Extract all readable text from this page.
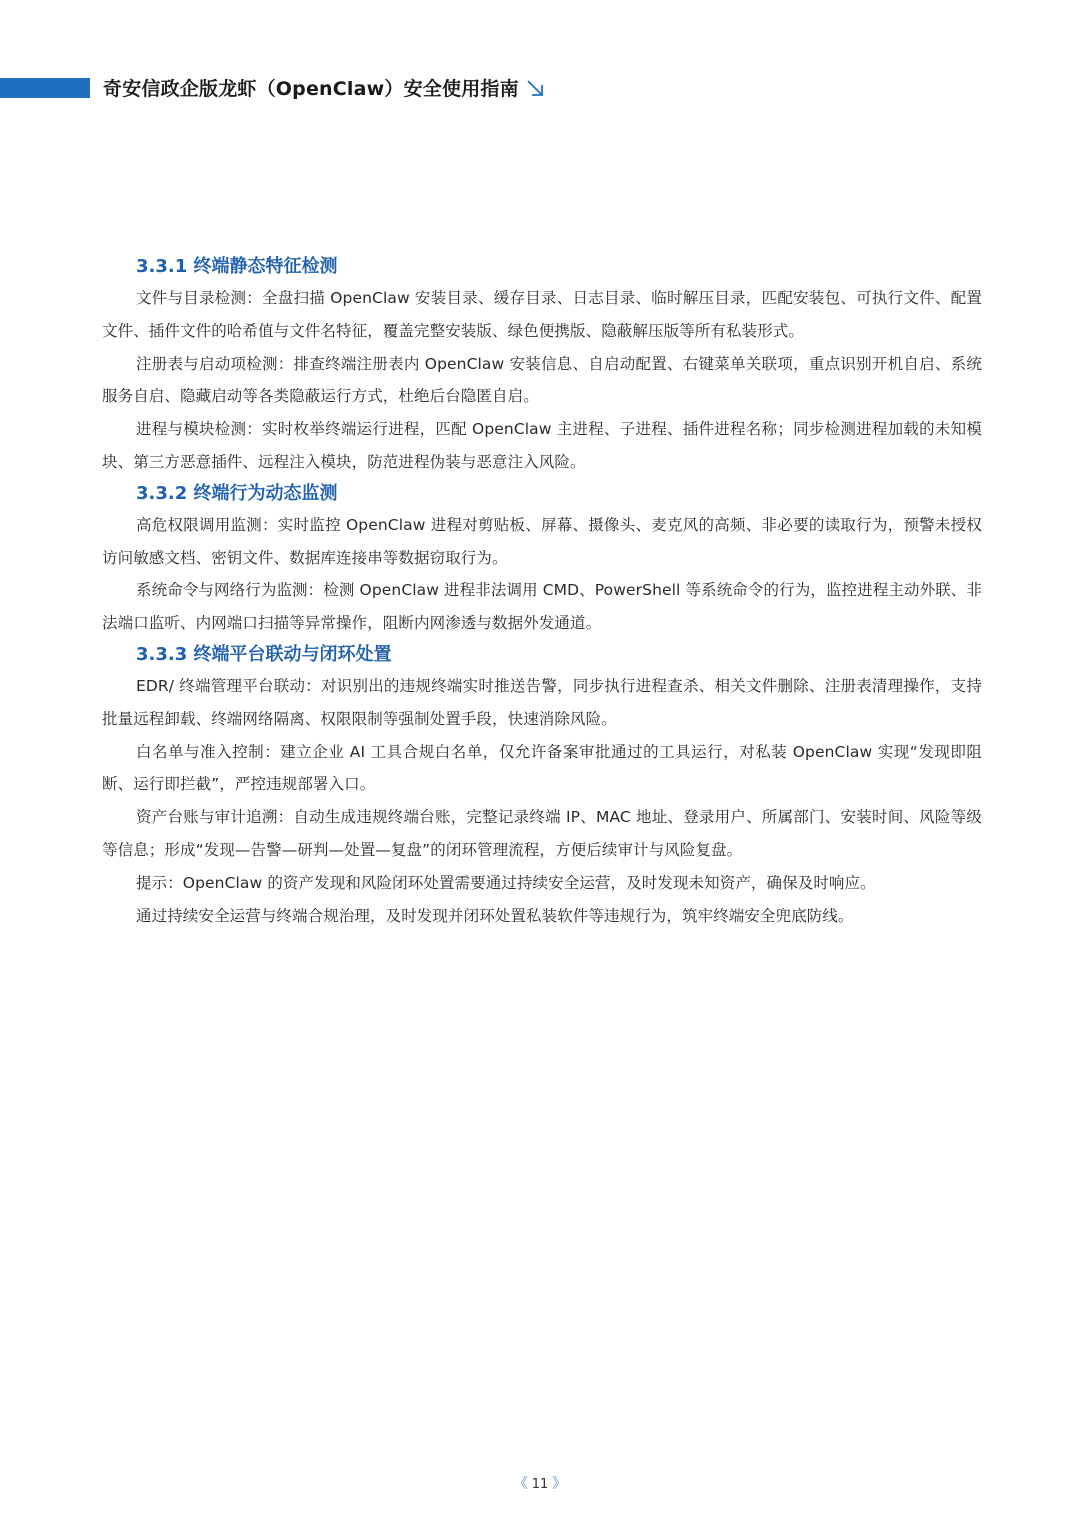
奇安信政企版龙虾（OpenClaw）安全使用指南
3.3.1 终端静态特征检测

文件与目录检测：全盘扫描 OpenClaw 安装目录、缓存目录、日志目录、临时解压目录，匹配安装包、可执行文件、配置文件、插件文件的哈希值与文件名特征，覆盖完整安装版、绿色便携版、隐蔽解压版等所有私装形式。

注册表与启动项检测：排查终端注册表内 OpenClaw 安装信息、自启动配置、右键菜单关联项，重点识别开机自启、系统服务自启、隐藏启动等各类隐蔽运行方式，杜绝后台隐匿自启。

进程与模块检测：实时枚举终端运行进程，匹配 OpenClaw 主进程、子进程、插件进程名称；同步检测进程加载的未知模块、第三方恶意插件、远程注入模块，防范进程伪装与恶意注入风险。

3.3.2 终端行为动态监测

高危权限调用监测：实时监控 OpenClaw 进程对剪贴板、屏幕、摄像头、麦克风的高频、非必要的读取行为，预警未授权访问敏感文档、密钥文件、数据库连接串等数据窃取行为。

系统命令与网络行为监测：检测 OpenClaw 进程非法调用 CMD、PowerShell 等系统命令的行为，监控进程主动外联、非法端口监听、内网端口扫描等异常操作，阻断内网渗透与数据外发通道。

3.3.3 终端平台联动与闭环处置

EDR/ 终端管理平台联动：对识别出的违规终端实时推送告警，同步执行进程查杀、相关文件删除、注册表清理操作，支持批量远程卸载、终端网络隔离、权限限制等强制处置手段，快速消除风险。

白名单与准入控制：建立企业 AI 工具合规白名单，仅允许备案审批通过的工具运行，对私装 OpenClaw 实现“发现即阻断、运行即拦截”，严控违规部署入口。

资产台账与审计追溯：自动生成违规终端台账，完整记录终端 IP、MAC 地址、登录用户、所属部门、安装时间、风险等级等信息；形成“发现—告警—研判—处置—复盘”的闭环管理流程，方便后续审计与风险复盘。

提示：OpenClaw 的资产发现和风险闭环处置需要通过持续安全运营，及时发现未知资产，确保及时响应。

通过持续安全运营与终端合规治理，及时发现并闭环处置私装软件等违规行为，筑牢终端安全兜底防线。

《 11 》
